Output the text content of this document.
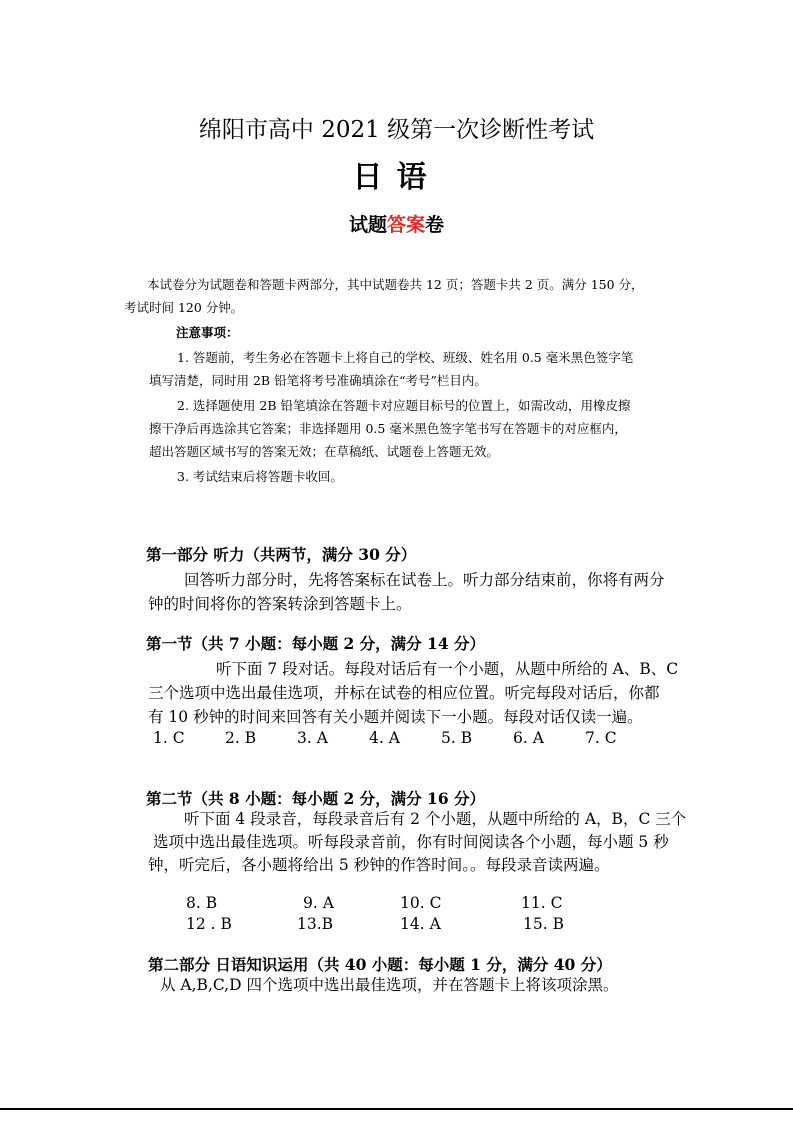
绵阳市高中 2021 级第一次诊断性考试
日语
试题答案卷
本试卷分为试题卷和答题卡两部分，其中试题卷共 12 页；答题卡共 2 页。满分 150 分，
考试时间 120 分钟。
注意事项：
1. 答题前，考生务必在答题卡上将自己的学校、班级、姓名用 0.5 毫米黑色签字笔
填写清楚，同时用 2B 铅笔将考号准确填涂在“考号”栏目内。
2. 选择题使用 2B 铅笔填涂在答题卡对应题目标号的位置上，如需改动，用橡皮擦
擦干净后再选涂其它答案；非选择题用 0.5 毫米黑色签字笔书写在答题卡的对应框内，
超出答题区域书写的答案无效；在草稿纸、试题卷上答题无效。
3. 考试结束后将答题卡收回。
第一部分 听力（共两节，满分 30 分）
回答听力部分时，先将答案标在试卷上。听力部分结束前，你将有两分
钟的时间将你的答案转涂到答题卡上。
第一节（共 7 小题：每小题 2 分，满分 14 分）
听下面 7 段对话。每段对话后有一个小题，从题中所给的 A、B、C
三个选项中选出最佳选项，并标在试卷的相应位置。听完每段对话后，你都
有 10 秒钟的时间来回答有关小题并阅读下一小题。每段对话仅读一遍。
1. C	2. B	3. A	4. A	5. B	6. A	7. C
第二节（共 8 小题：每小题 2 分，满分 16 分）
听下面 4 段录音，每段录音后有 2 个小题，从题中所给的 A，B，C 三个
选项中选出最佳选项。听每段录音前，你有时间阅读各个小题，每小题 5 秒
钟，听完后，各小题将给出 5 秒钟的作答时间。。每段录音读两遍。
8. B	9. A	10. C	11. C
12 . B	13.B	14. A	15. B
第二部分 日语知识运用（共 40 小题：每小题 1 分，满分 40 分）
从 A,B,C,D 四个选项中选出最佳选项，并在答题卡上将该项涂黑。
